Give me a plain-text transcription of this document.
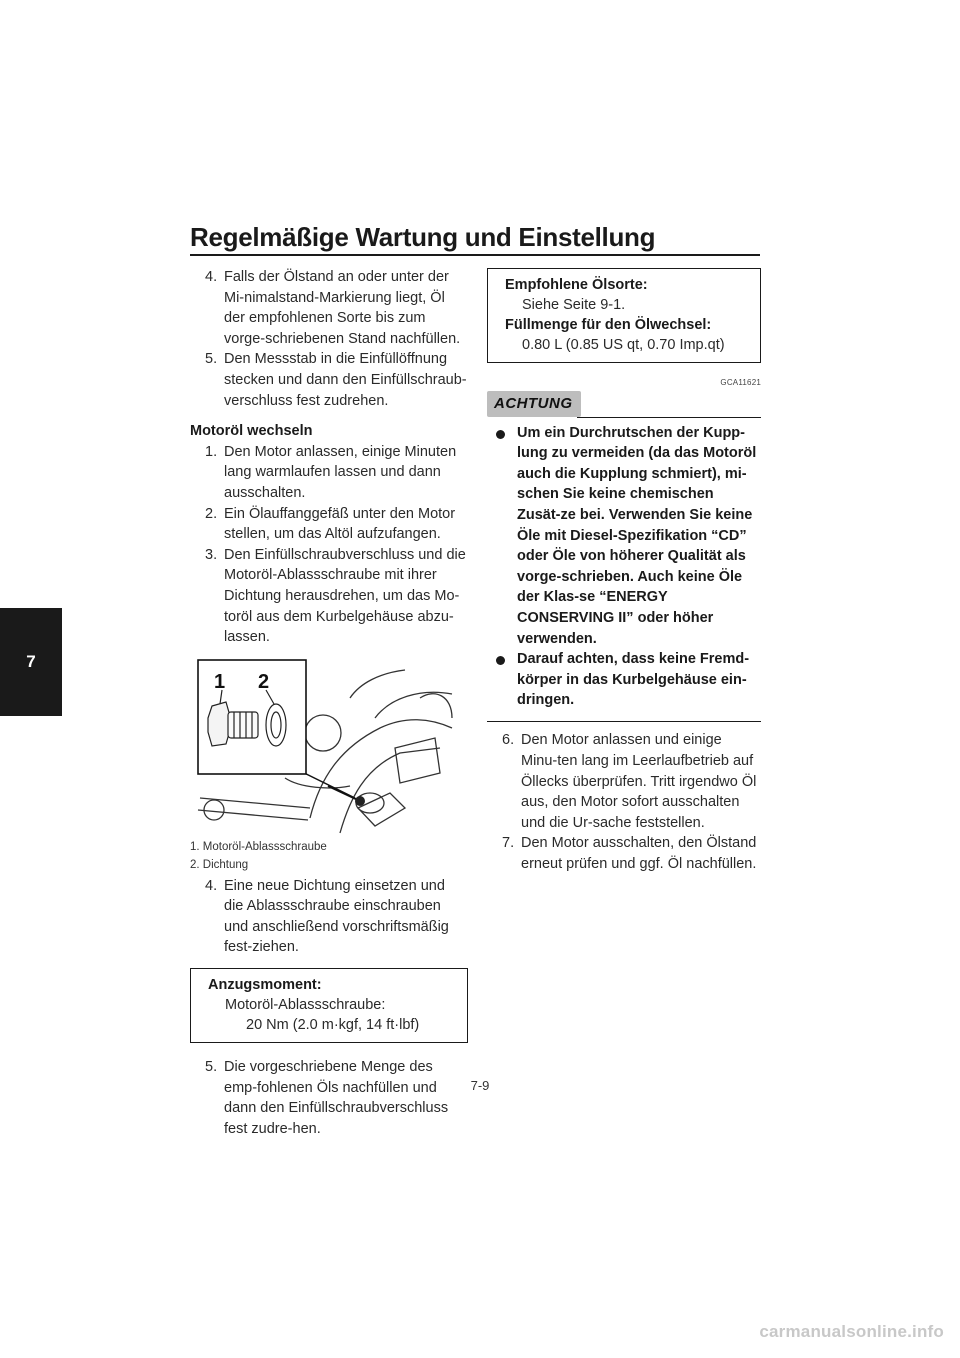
Regelmäßige Wartung und Einstellung
7
4. Falls der Ölstand an oder unter der Mi-nimalstand-Markierung liegt, Öl der empfohlenen Sorte bis zum vorge-schriebenen Stand nachfüllen.
5. Den Messstab in die Einfüllöffnung stecken und dann den Einfüllschraub-verschluss fest zudrehen.
Motoröl wechseln
1. Den Motor anlassen, einige Minuten lang warmlaufen lassen und dann ausschalten.
2. Ein Ölauffanggefäß unter den Motor stellen, um das Altöl aufzufangen.
3. Den Einfüllschraubverschluss und die Motoröl-Ablassschraube mit ihrer Dichtung herausdrehen, um das Mo-toröl aus dem Kurbelgehäuse abzu-lassen.
1 2
1. Motoröl-Ablassschraube
2. Dichtung
4. Eine neue Dichtung einsetzen und die Ablassschraube einschrauben und anschließend vorschriftsmäßig fest-ziehen.
Anzugsmoment:
Motoröl-Ablassschraube:
20 Nm (2.0 m·kgf, 14 ft·lbf)
5. Die vorgeschriebene Menge des emp-fohlenen Öls nachfüllen und dann den Einfüllschraubverschluss fest zudre-hen.
Empfohlene Ölsorte:
Siehe Seite 9-1.
Füllmenge für den Ölwechsel:
0.80 L (0.85 US qt, 0.70 Imp.qt)
GCA11621
ACHTUNG
Um ein Durchrutschen der Kupp-lung zu vermeiden (da das Motoröl auch die Kupplung schmiert), mi-schen Sie keine chemischen Zusät-ze bei. Verwenden Sie keine Öle mit Diesel-Spezifikation “CD” oder Öle von höherer Qualität als vorge-schrieben. Auch keine Öle der Klas-se “ENERGY CONSERVING II” oder höher verwenden.
Darauf achten, dass keine Fremd-körper in das Kurbelgehäuse ein-dringen.
6. Den Motor anlassen und einige Minu-ten lang im Leerlaufbetrieb auf Öllecks überprüfen. Tritt irgendwo Öl aus, den Motor sofort ausschalten und die Ur-sache feststellen.
7. Den Motor ausschalten, den Ölstand erneut prüfen und ggf. Öl nachfüllen.
7-9
carmanualsonline.info
